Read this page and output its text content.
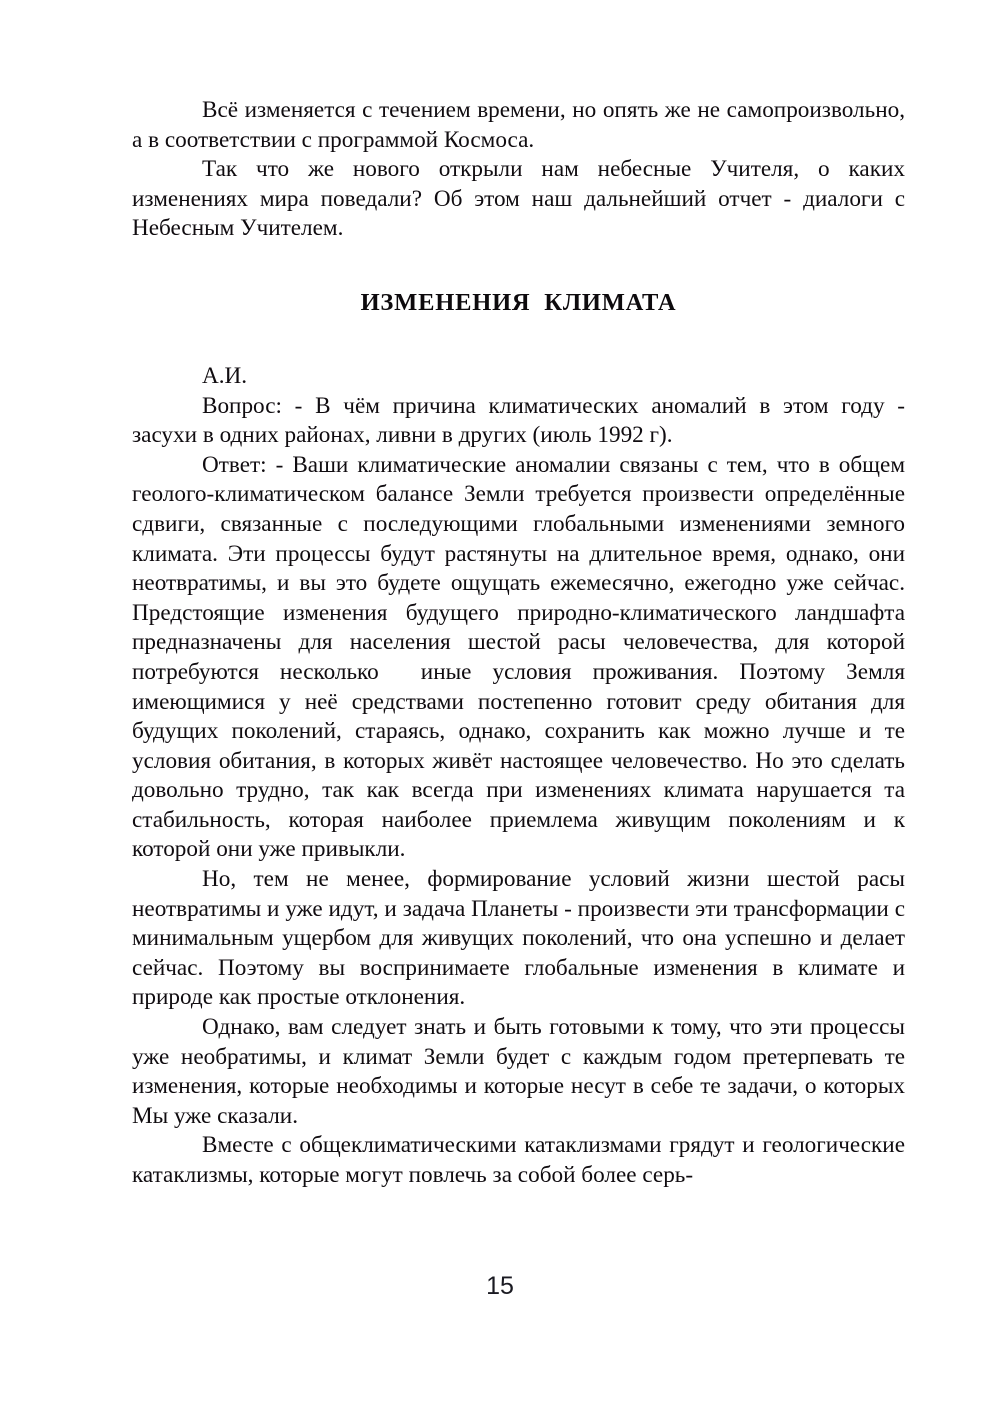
Всё изменяется с течением времени, но опять же не самопроизвольно, а в соответствии с программой Космоса.

Так что же нового открыли нам небесные Учителя, о каких изменениях мира поведали? Об этом наш дальнейший отчет - диалоги с Небесным Учителем.

ИЗМЕНЕНИЯ  КЛИМАТА

А.И.

Вопрос: - В чём причина климатических аномалий в этом году - засухи в одних районах, ливни в других (июль 1992 г).

Ответ: - Ваши климатические аномалии связаны с тем, что в общем геолого-климатическом балансе Земли требуется произвести определённые сдвиги, связанные с последующими глобальными изменениями земного климата. Эти процессы будут растянуты на длительное время, однако, они неотвратимы, и вы это будете ощущать ежемесячно, ежегодно уже сейчас. Предстоящие изменения будущего природно-климатического ландшафта предназначены для населения шестой расы человечества, для которой потребуются несколько  иные условия проживания. Поэтому Земля имеющимися у неё средствами постепенно готовит среду обитания для будущих поколений, стараясь, однако, сохранить как можно лучше и те условия обитания, в которых живёт настоящее человечество. Но это сделать довольно трудно, так как всегда при изменениях климата нарушается та стабильность, которая наиболее приемлема живущим поколениям и к которой они уже привыкли.

Но, тем не менее, формирование условий жизни шестой расы неотвратимы и уже идут, и задача Планеты - произвести эти трансформации с минимальным ущербом для живущих поколений, что она успешно и делает сейчас. Поэтому вы воспринимаете глобальные изменения в климате и природе как простые отклонения.

Однако, вам следует знать и быть готовыми к тому, что эти процессы уже необратимы, и климат Земли будет с каждым годом претерпевать те изменения, которые необходимы и которые несут в себе те задачи, о которых Мы уже сказали.

Вместе с общеклиматическими катаклизмами грядут и геологические катаклизмы, которые могут повлечь за собой более серь-

15
